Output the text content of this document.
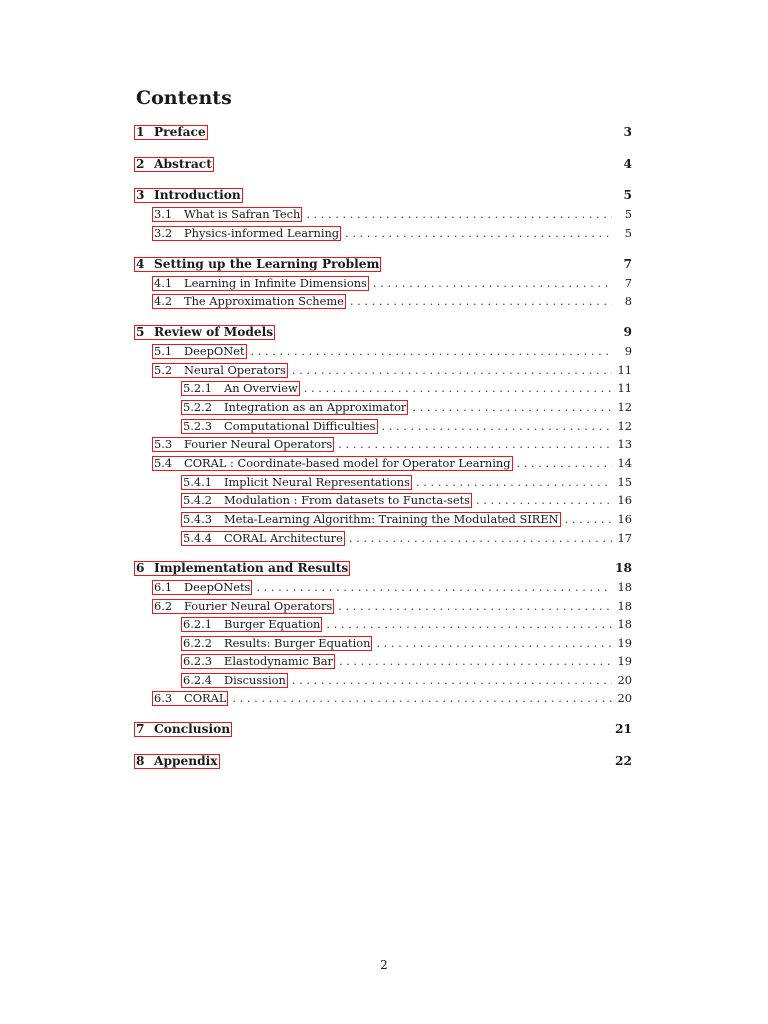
Contents
1 Preface	3
2 Abstract	4
3 Introduction	5
3.1	What is Safran Tech . . .	5
3.2	Physics-informed Learning . . .	5
4 Setting up the Learning Problem	7
4.1	Learning in Infinite Dimensions . . .	7
4.2	The Approximation Scheme . . .	8
5 Review of Models	9
5.1	DeepONet . . .	9
5.2	Neural Operators . . .	11
5.2.1	An Overview . . .	11
5.2.2	Integration as an Approximator . . .	12
5.2.3	Computational Difficulties . . .	12
5.3	Fourier Neural Operators . . .	13
5.4	CORAL : Coordinate-based model for Operator Learning . . .	14
5.4.1	Implicit Neural Representations . . .	15
5.4.2	Modulation : From datasets to Functa-sets . . .	16
5.4.3	Meta-Learning Algorithm: Training the Modulated SIREN . . .	16
5.4.4	CORAL Architecture . . .	17
6 Implementation and Results	18
6.1	DeepONets . . .	18
6.2	Fourier Neural Operators . . .	18
6.2.1	Burger Equation . . .	18
6.2.2	Results: Burger Equation . . .	19
6.2.3	Elastodynamic Bar . . .	19
6.2.4	Discussion . . .	20
6.3	CORAL . . .	20
7 Conclusion	21
8 Appendix	22
2
